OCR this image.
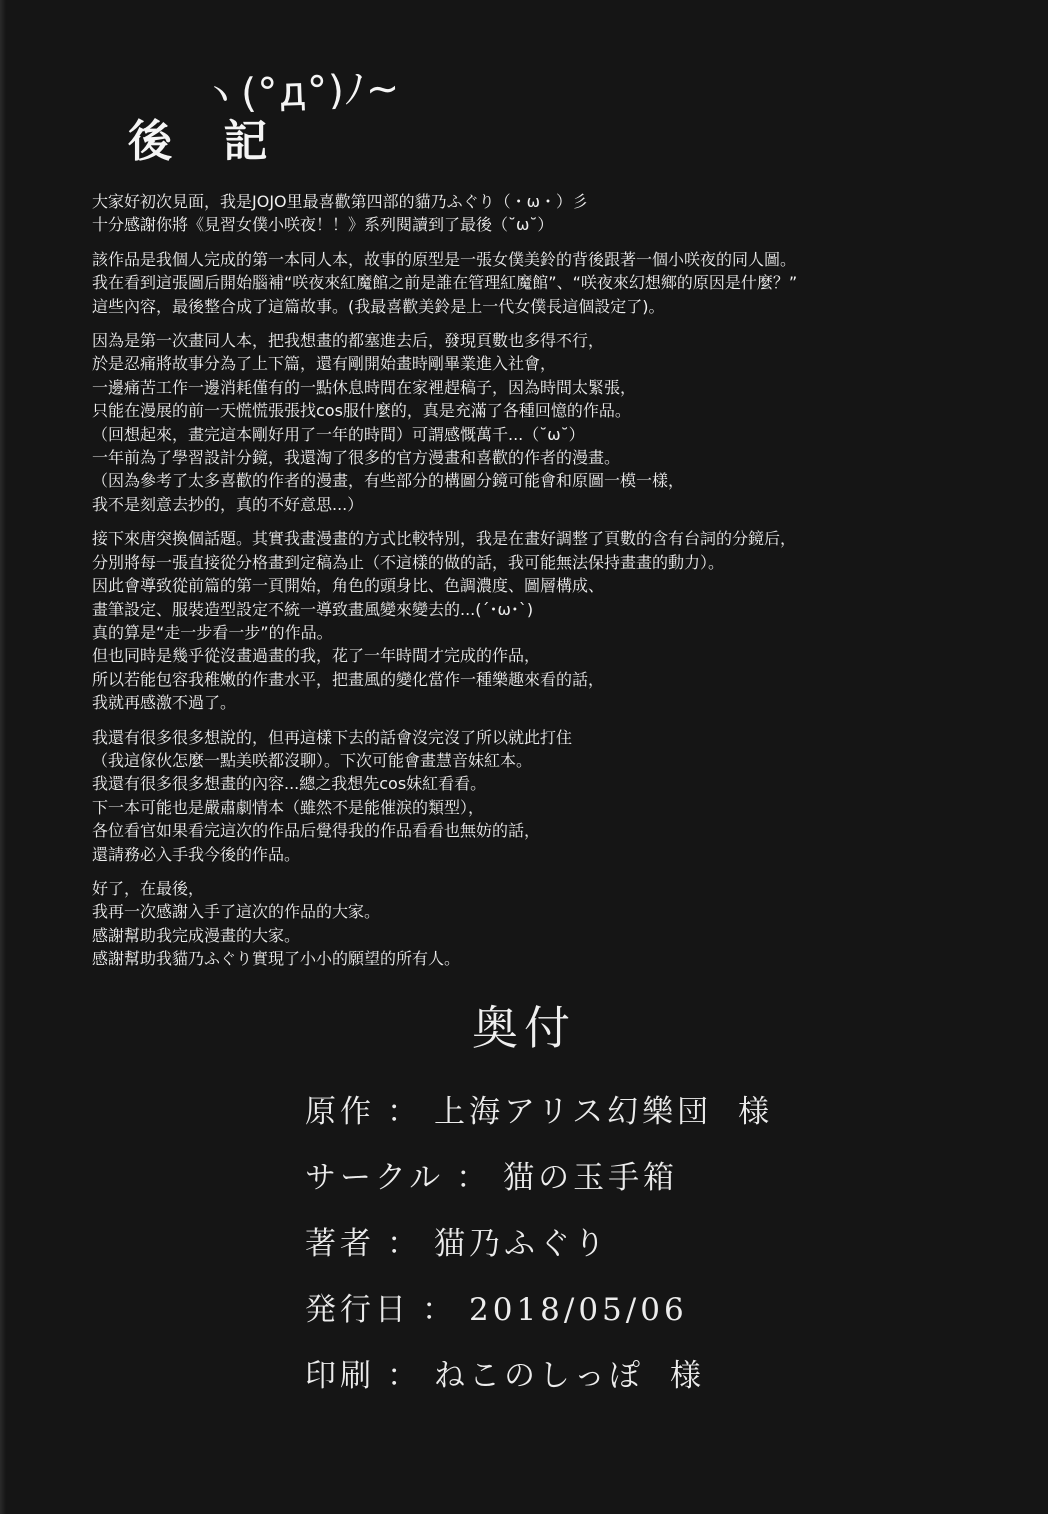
ヽ(°д°)ﾉ~
後 記
大家好初次見面，我是JOJO里最喜歡第四部的貓乃ふぐり（・ω・）彡
十分感謝你將《見習女僕小咲夜！！》系列閱讀到了最後（˘ω˘）
該作品是我個人完成的第一本同人本，故事的原型是一張女僕美鈴的背後跟著一個小咲夜的同人圖。
我在看到這張圖后開始腦補“咲夜來紅魔館之前是誰在管理紅魔館”、“咲夜來幻想鄉的原因是什麼？”
這些內容，最後整合成了這篇故事。(我最喜歡美鈴是上一代女僕長這個設定了)。
因為是第一次畫同人本，把我想畫的都塞進去后，發現頁數也多得不行，
於是忍痛將故事分為了上下篇，還有剛開始畫時剛畢業進入社會，
一邊痛苦工作一邊消耗僅有的一點休息時間在家裡趕稿子，因為時間太緊張，
只能在漫展的前一天慌慌張張找cos服什麼的，真是充滿了各種回憶的作品。
（回想起來，畫完這本剛好用了一年的時間）可謂感慨萬千...（˘ω˘）
一年前為了學習設計分鏡，我還淘了很多的官方漫畫和喜歡的作者的漫畫。
（因為參考了太多喜歡的作者的漫畫，有些部分的構圖分鏡可能會和原圖一模一樣，
我不是刻意去抄的，真的不好意思...）
接下來唐突換個話題。其實我畫漫畫的方式比較特別，我是在畫好調整了頁數的含有台詞的分鏡后，
分別將每一張直接從分格畫到定稿為止（不這樣的做的話，我可能無法保持畫畫的動力）。
因此會導致從前篇的第一頁開始，角色的頭身比、色調濃度、圖層構成、
畫筆設定、服裝造型設定不統一導致畫風變來變去的...(´･ω･`)
真的算是“走一步看一步”的作品。
但也同時是幾乎從沒畫過畫的我，花了一年時間才完成的作品，
所以若能包容我稚嫩的作畫水平，把畫風的變化當作一種樂趣來看的話，
我就再感激不過了。
我還有很多很多想說的，但再這樣下去的話會沒完沒了所以就此打住
（我這傢伙怎麼一點美咲都沒聊）。下次可能會畫慧音妹紅本。
我還有很多很多想畫的內容...總之我想先cos妹紅看看。
下一本可能也是嚴肅劇情本（雖然不是能催淚的類型），
各位看官如果看完這次的作品后覺得我的作品看看也無妨的話，
還請務必入手我今後的作品。
好了，在最後，
我再一次感謝入手了這次的作品的大家。
感謝幫助我完成漫畫的大家。
感謝幫助我貓乃ふぐり實現了小小的願望的所有人。
奥付
原作 ： 上海アリス幻樂団 様
サークル ： 猫の玉手箱
著者 ： 猫乃ふぐり
発行日 ： 2018/05/06
印刷 ： ねこのしっぽ 様
